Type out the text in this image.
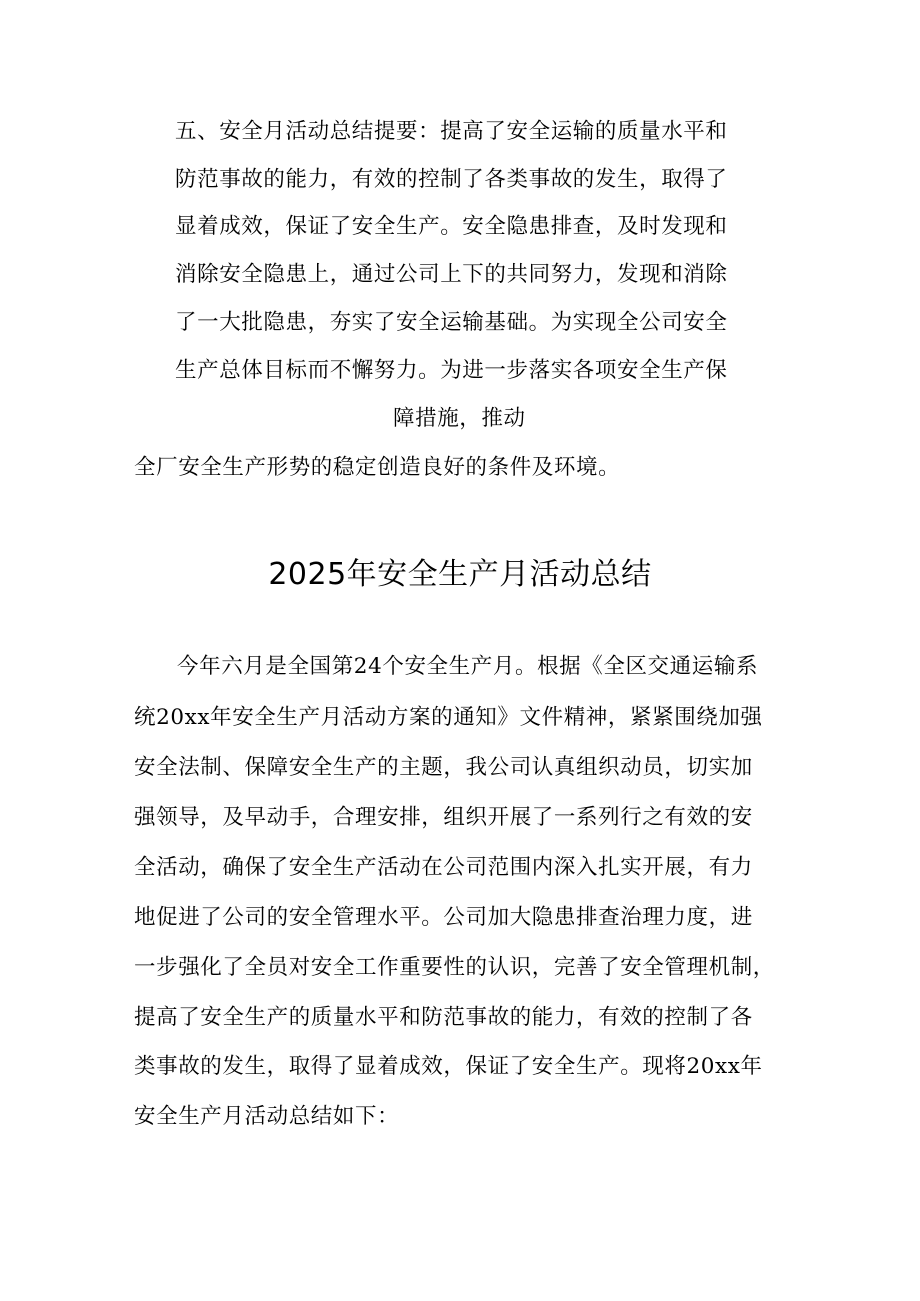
五、安全月活动总结提要：提高了安全运输的质量水平和
防范事故的能力，有效的控制了各类事故的发生，取得了
显着成效，保证了安全生产。安全隐患排查，及时发现和
消除安全隐患上，通过公司上下的共同努力，发现和消除
了一大批隐患，夯实了安全运输基础。为实现全公司安全
生产总体目标而不懈努力。为进一步落实各项安全生产保
障措施，推动
全厂安全生产形势的稳定创造良好的条件及环境。
2025年安全生产月活动总结
今年六月是全国第24个安全生产月。根据《全区交通运输系
统20xx年安全生产月活动方案的通知》文件精神，紧紧围绕加强
安全法制、保障安全生产的主题，我公司认真组织动员，切实加
强领导，及早动手，合理安排，组织开展了一系列行之有效的安
全活动，确保了安全生产活动在公司范围内深入扎实开展，有力
地促进了公司的安全管理水平。公司加大隐患排查治理力度，进
一步强化了全员对安全工作重要性的认识，完善了安全管理机制，
提高了安全生产的质量水平和防范事故的能力，有效的控制了各
类事故的发生，取得了显着成效，保证了安全生产。现将20xx年
安全生产月活动总结如下：
